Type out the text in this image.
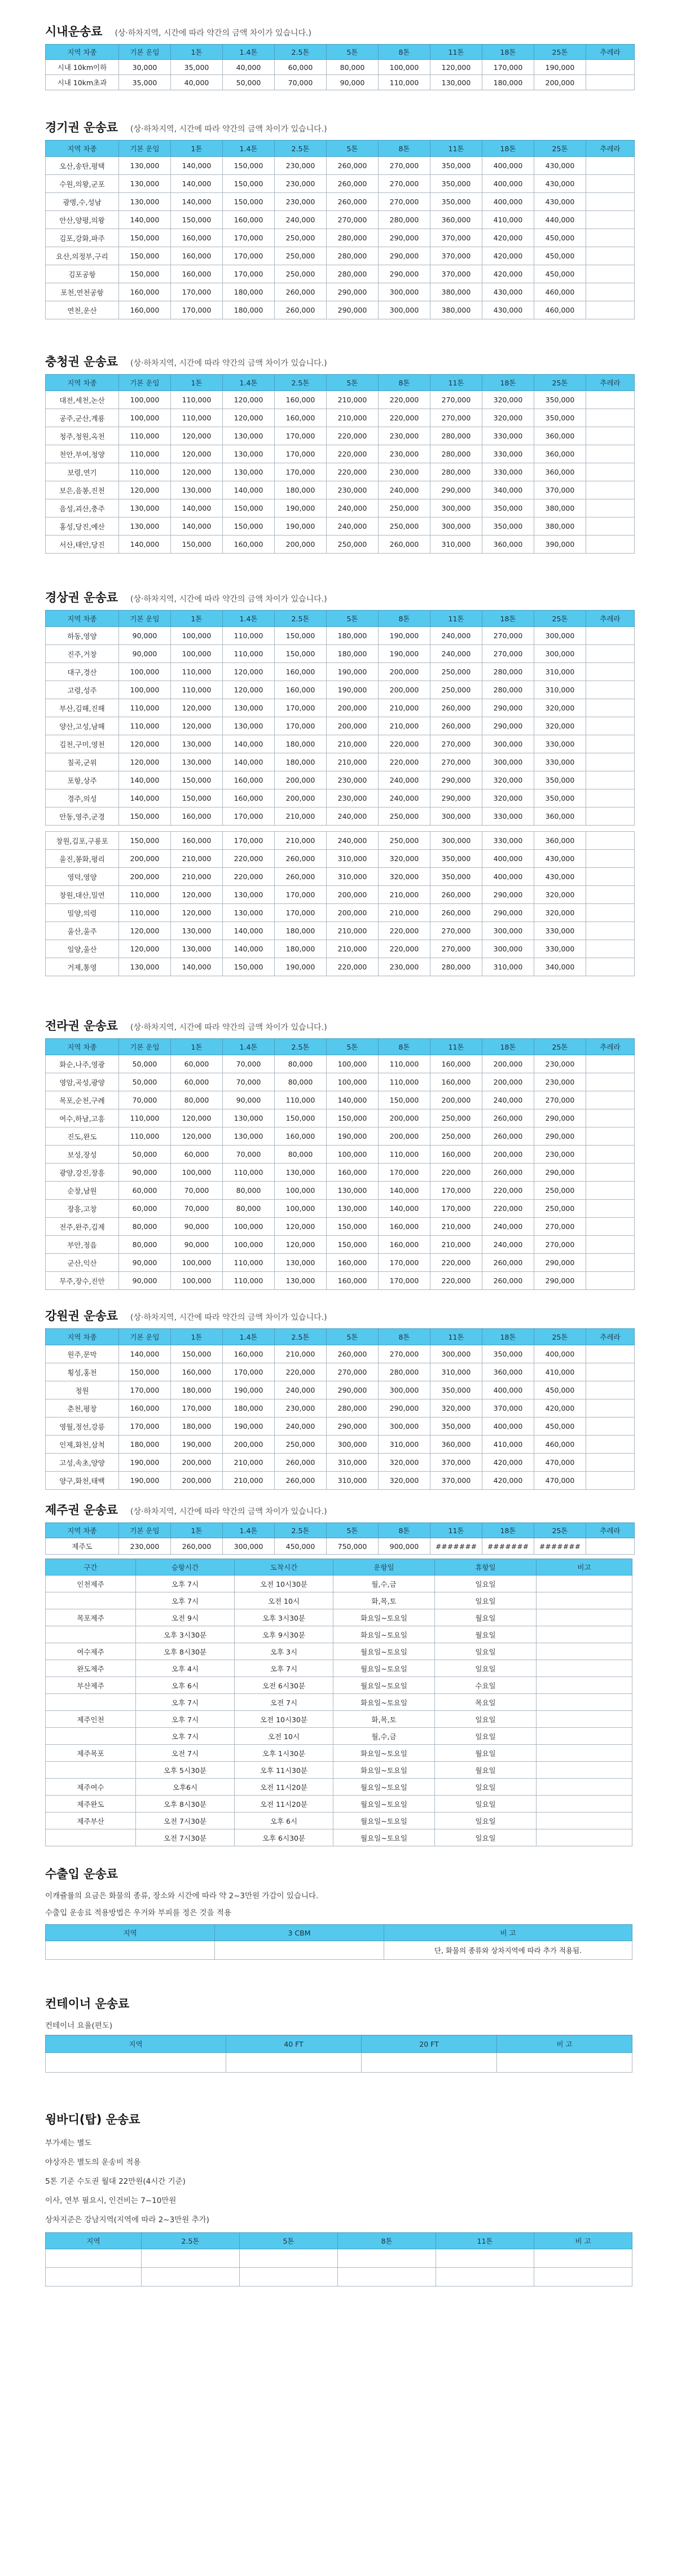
시내운송료 (상·하차지역, 시간에 따라 약간의 금액 차이가 있습니다.)
지역 차종	기본 운임	1톤	1.4톤	2.5톤	5톤	8톤	11톤	18톤	25톤	추레라
시내 10km이하	30,000	35,000	40,000	60,000	80,000	100,000	120,000	170,000	190,000	
시내 10km초과	35,000	40,000	50,000	70,000	90,000	110,000	130,000	180,000	200,000	
경기권 운송료 (상·하차지역, 시간에 따라 약간의 금액 차이가 있습니다.)
지역 차종	기본 운임	1톤	1.4톤	2.5톤	5톤	8톤	11톤	18톤	25톤	추레라
오산,송탄,평택	130,000	140,000	150,000	230,000	260,000	270,000	350,000	400,000	430,000	
수원,의왕,군포	130,000	140,000	150,000	230,000	260,000	270,000	350,000	400,000	430,000	
광명,수,성남	130,000	140,000	150,000	230,000	260,000	270,000	350,000	400,000	430,000	
안산,양평,의왕	140,000	150,000	160,000	240,000	270,000	280,000	360,000	410,000	440,000	
김포,강화,파주	150,000	160,000	170,000	250,000	280,000	290,000	370,000	420,000	450,000	
요산,의정부,구리	150,000	160,000	170,000	250,000	280,000	290,000	370,000	420,000	450,000	
김포공항	150,000	160,000	170,000	250,000	280,000	290,000	370,000	420,000	450,000	
포천,연천공항	160,000	170,000	180,000	260,000	290,000	300,000	380,000	430,000	460,000	
연천,운산	160,000	170,000	180,000	260,000	290,000	300,000	380,000	430,000	460,000	
충청권 운송료 (상·하차지역, 시간에 따라 약간의 금액 차이가 있습니다.)
지역 차종	기본 운임	1톤	1.4톤	2.5톤	5톤	8톤	11톤	18톤	25톤	추레라
대전,세천,논산	100,000	110,000	120,000	160,000	210,000	220,000	270,000	320,000	350,000	
공주,군산,계룡	100,000	110,000	120,000	160,000	210,000	220,000	270,000	320,000	350,000	
청주,청원,옥천	110,000	120,000	130,000	170,000	220,000	230,000	280,000	330,000	360,000	
천안,부여,청양	110,000	120,000	130,000	170,000	220,000	230,000	280,000	330,000	360,000	
보령,연기	110,000	120,000	130,000	170,000	220,000	230,000	280,000	330,000	360,000	
보은,음봉,진천	120,000	130,000	140,000	180,000	230,000	240,000	290,000	340,000	370,000	
음성,괴산,충주	130,000	140,000	150,000	190,000	240,000	250,000	300,000	350,000	380,000	
홍성,당진,예산	130,000	140,000	150,000	190,000	240,000	250,000	300,000	350,000	380,000	
서산,태안,당진	140,000	150,000	160,000	200,000	250,000	260,000	310,000	360,000	390,000	
경상권 운송료 (상·하차지역, 시간에 따라 약간의 금액 차이가 있습니다.)
지역 차종	기본 운임	1톤	1.4톤	2.5톤	5톤	8톤	11톤	18톤	25톤	추레라
하동,영양	90,000	100,000	110,000	150,000	180,000	190,000	240,000	270,000	300,000	
진주,거창	90,000	100,000	110,000	150,000	180,000	190,000	240,000	270,000	300,000	
대구,경산	100,000	110,000	120,000	160,000	190,000	200,000	250,000	280,000	310,000	
고령,성주	100,000	110,000	120,000	160,000	190,000	200,000	250,000	280,000	310,000	
부산,김해,진해	110,000	120,000	130,000	170,000	200,000	210,000	260,000	290,000	320,000	
양산,고성,남해	110,000	120,000	130,000	170,000	200,000	210,000	260,000	290,000	320,000	
김천,구미,영천	120,000	130,000	140,000	180,000	210,000	220,000	270,000	300,000	330,000	
칠곡,군위	120,000	130,000	140,000	180,000	210,000	220,000	270,000	300,000	330,000	
포항,상주	140,000	150,000	160,000	200,000	230,000	240,000	290,000	320,000	350,000	
경주,의성	140,000	150,000	160,000	200,000	230,000	240,000	290,000	320,000	350,000	
안동,영주,군경	150,000	160,000	170,000	210,000	240,000	250,000	300,000	330,000	360,000	

창원,김포,구룡포	150,000	160,000	170,000	210,000	240,000	250,000	300,000	330,000	360,000	
울진,봉화,평리	200,000	210,000	220,000	260,000	310,000	320,000	350,000	400,000	430,000	
영덕,영양	200,000	210,000	220,000	260,000	310,000	320,000	350,000	400,000	430,000	
창원,대산,밀연	110,000	120,000	130,000	170,000	200,000	210,000	260,000	290,000	320,000	
밀양,의령	110,000	120,000	130,000	170,000	200,000	210,000	260,000	290,000	320,000	
울산,울주	120,000	130,000	140,000	180,000	210,000	220,000	270,000	300,000	330,000	
일양,울산	120,000	130,000	140,000	180,000	210,000	220,000	270,000	300,000	330,000	
거제,통영	130,000	140,000	150,000	190,000	220,000	230,000	280,000	310,000	340,000	
전라권 운송료 (상·하차지역, 시간에 따라 약간의 금액 차이가 있습니다.)
지역 차종	기본 운임	1톤	1.4톤	2.5톤	5톤	8톤	11톤	18톤	25톤	추레라
화순,나주,영광	50,000	60,000	70,000	80,000	100,000	110,000	160,000	200,000	230,000	
영암,곡성,광양	50,000	60,000	70,000	80,000	100,000	110,000	160,000	200,000	230,000	
목포,순천,구례	70,000	80,000	90,000	110,000	140,000	150,000	200,000	240,000	270,000	
여수,하남,고흥	110,000	120,000	130,000	150,000	150,000	200,000	250,000	260,000	290,000	
진도,완도	110,000	120,000	130,000	160,000	190,000	200,000	250,000	260,000	290,000	
보성,장성	50,000	60,000	70,000	80,000	100,000	110,000	160,000	200,000	230,000	
광양,강진,장흥	90,000	100,000	110,000	130,000	160,000	170,000	220,000	260,000	290,000	
순창,남원	60,000	70,000	80,000	100,000	130,000	140,000	170,000	220,000	250,000	
장흥,고창	60,000	70,000	80,000	100,000	130,000	140,000	170,000	220,000	250,000	
전주,완주,김제	80,000	90,000	100,000	120,000	150,000	160,000	210,000	240,000	270,000	
부안,정읍	80,000	90,000	100,000	120,000	150,000	160,000	210,000	240,000	270,000	
군산,익산	90,000	100,000	110,000	130,000	160,000	170,000	220,000	260,000	290,000	
무주,장수,진안	90,000	100,000	110,000	130,000	160,000	170,000	220,000	260,000	290,000	
강원권 운송료 (상·하차지역, 시간에 따라 약간의 금액 차이가 있습니다.)
지역 차종	기본 운임	1톤	1.4톤	2.5톤	5톤	8톤	11톤	18톤	25톤	추레라
원주,문막	140,000	150,000	160,000	210,000	260,000	270,000	300,000	350,000	400,000	
횡성,홍천	150,000	160,000	170,000	220,000	270,000	280,000	310,000	360,000	410,000	
청원	170,000	180,000	190,000	240,000	290,000	300,000	350,000	400,000	450,000	
춘천,평창	160,000	170,000	180,000	230,000	280,000	290,000	320,000	370,000	420,000	
영월,정선,강릉	170,000	180,000	190,000	240,000	290,000	300,000	350,000	400,000	450,000	
인제,화천,삼척	180,000	190,000	200,000	250,000	300,000	310,000	360,000	410,000	460,000	
고성,속초,양양	190,000	200,000	210,000	260,000	310,000	320,000	370,000	420,000	470,000	
양구,화천,태백	190,000	200,000	210,000	260,000	310,000	320,000	370,000	420,000	470,000	
제주권 운송료 (상·하차지역, 시간에 따라 약간의 금액 차이가 있습니다.)
지역 차종	기본 운임	1톤	1.4톤	2.5톤	5톤	8톤	11톤	18톤	25톤	추레라
제주도	230,000	260,000	300,000	450,000	750,000	900,000	#######	#######	#######	
구간	승항시간	도착시간	운항일	휴항일	비고
인천제주	오후 7시	오전 10시30분	월,수,금	일요일	
	오후 7시	오전 10시	화,목,토	일요일	
목포제주	오전 9시	오후 3시30분	화요일~토요일	월요일	
	오후 3시30분	오후 9시30분	화요일~토요일	월요일	
여수제주	오후 8시30분	오후 3시	월요일~토요일	일요일	
완도제주	오후 4시	오후 7시	월요일~토요일	일요일	
부산제주	오후 6시	오전 6시30분	월요일~토요일	수요일	
	오후 7시	오전 7시	화요일~토요일	목요일	
제주인천	오후 7시	오전 10시30분	화,목,토	일요일	
	오후 7시	오전 10시	월,수,금	일요일	
제주목포	오전 7시	오후 1시30분	화요일~토요일	월요일	
	오후 5시30분	오후 11시30분	화요일~토요일	월요일	
제주여수	오후6시	오전 11시20분	월요일~토요일	일요일	
제주완도	오후 8시30분	오전 11시20분	월요일~토요일	일요일	
제주부산	오전 7시30분	오후 6시	월요일~토요일	일요일	
	오전 7시30분	오후 6시30분	월요일~토요일	일요일	
수출입 운송료
이캐쥴률의 요금은 화물의 종류, 장소와 시간에 따라 약 2~3만원 가감이 있습니다.
수출입 운송료 적용방법은 우거와 부피를 정은 것을 적용
지역	3 CBM	비 고
		단, 화물의 종류와 상차지역에 따라 추가 적용됨.
컨테이너 운송료
컨테이너 요율(편도)
지역	40 FT	20 FT	비 고

윙바디(탑) 운송료
부가세는 별도
야상자은 별도의 운송비 적용
5톤 기준 수도권 월대 22만원(4시간 기준)
이사, 연부 필요시, 인건비는 7~10만원
상차지준은 강남지역(지역에 따라 2~3만원 추가)
지역	2.5톤	5톤	8톤	11톤	비 고
